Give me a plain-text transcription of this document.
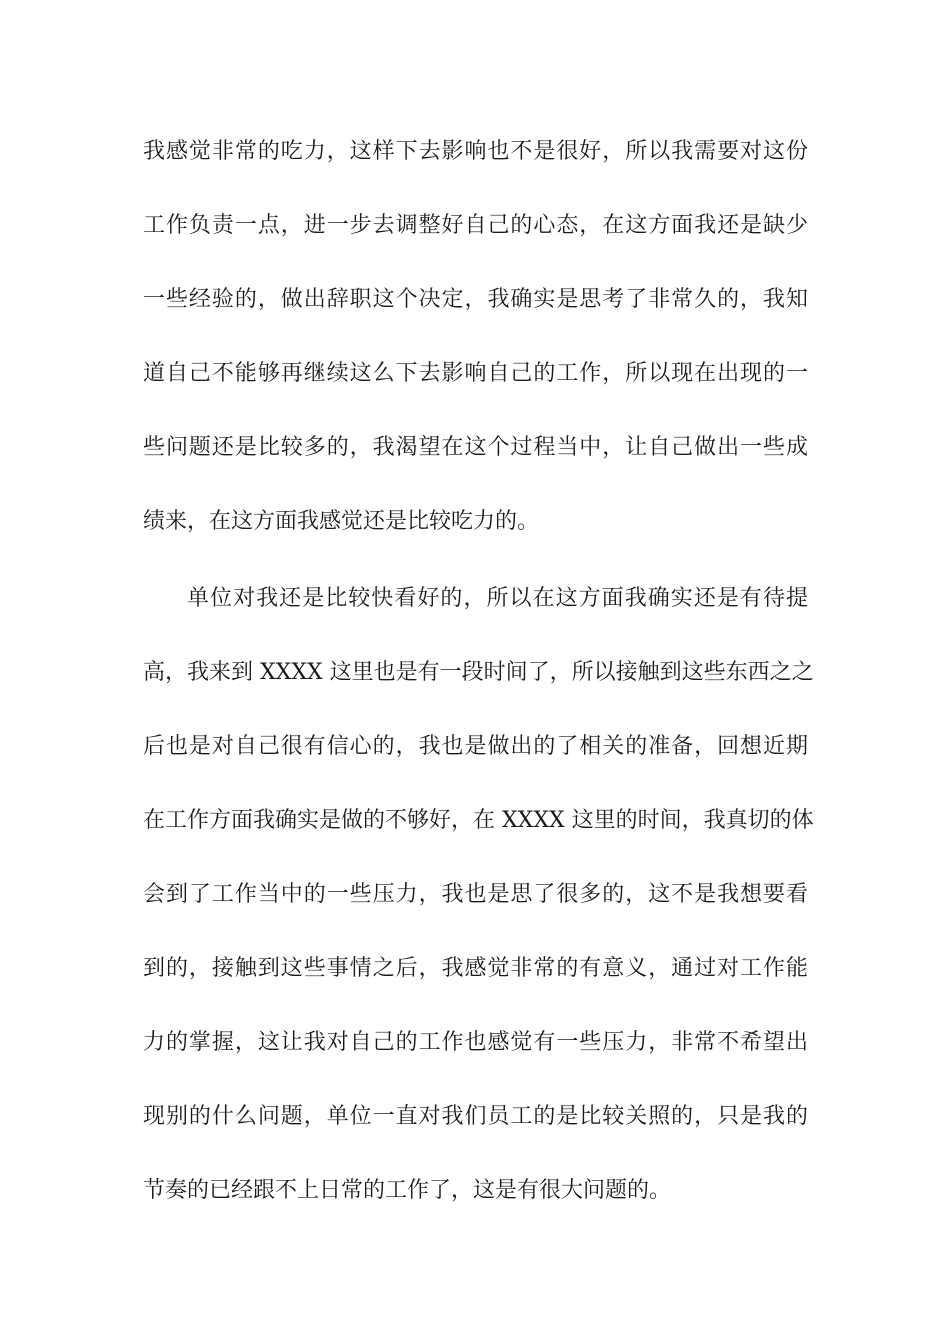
我感觉非常的吃力，这样下去影响也不是很好，所以我需要对这份
工作负责一点，进一步去调整好自己的心态，在这方面我还是缺少
一些经验的，做出辞职这个决定，我确实是思考了非常久的，我知
道自己不能够再继续这么下去影响自己的工作，所以现在出现的一
些问题还是比较多的，我渴望在这个过程当中，让自己做出一些成
绩来，在这方面我感觉还是比较吃力的。
单位对我还是比较快看好的，所以在这方面我确实还是有待提
高，我来到 XXXX 这里也是有一段时间了，所以接触到这些东西之之
后也是对自己很有信心的，我也是做出的了相关的准备，回想近期
在工作方面我确实是做的不够好，在 XXXX 这里的时间，我真切的体
会到了工作当中的一些压力，我也是思了很多的，这不是我想要看
到的，接触到这些事情之后，我感觉非常的有意义，通过对工作能
力的掌握，这让我对自己的工作也感觉有一些压力，非常不希望出
现别的什么问题，单位一直对我们员工的是比较关照的，只是我的
节奏的已经跟不上日常的工作了，这是有很大问题的。
